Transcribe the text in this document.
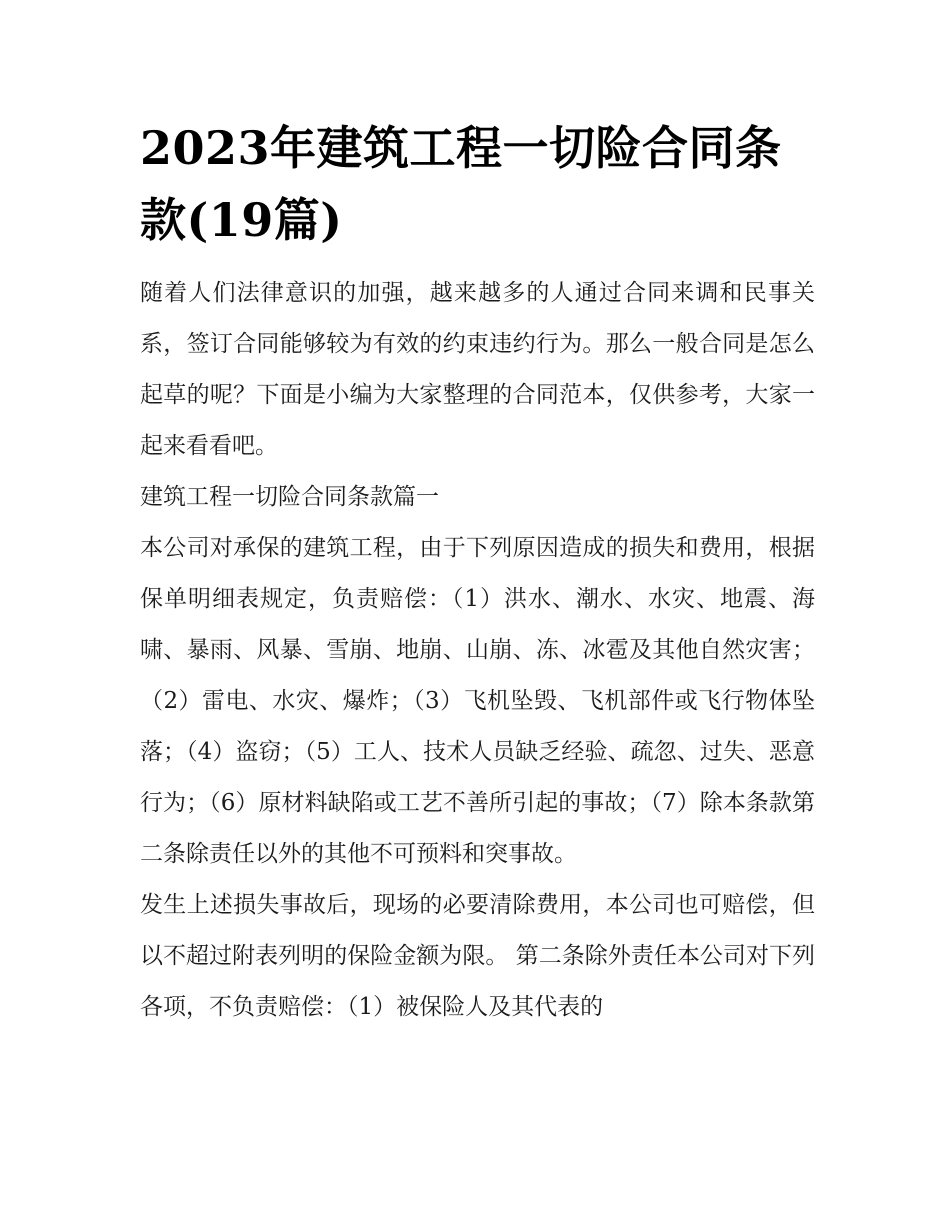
2023年建筑工程一切险合同条款(19篇)

随着人们法律意识的加强，越来越多的人通过合同来调和民事关系，签订合同能够较为有效的约束违约行为。那么一般合同是怎么起草的呢？下面是小编为大家整理的合同范本，仅供参考，大家一起来看看吧。

建筑工程一切险合同条款篇一

本公司对承保的建筑工程，由于下列原因造成的损失和费用，根据保单明细表规定，负责赔偿：（1）洪水、潮水、水灾、地震、海啸、暴雨、风暴、雪崩、地崩、山崩、冻、冰雹及其他自然灾害；（2）雷电、水灾、爆炸；（3）飞机坠毁、飞机部件或飞行物体坠落；（4）盗窃；（5）工人、技术人员缺乏经验、疏忽、过失、恶意行为；（6）原材料缺陷或工艺不善所引起的事故；（7）除本条款第二条除责任以外的其他不可预料和突事故。

发生上述损失事故后，现场的必要清除费用，本公司也可赔偿，但以不超过附表列明的保险金额为限。 第二条除外责任本公司对下列各项，不负责赔偿：（1）被保险人及其代表的
